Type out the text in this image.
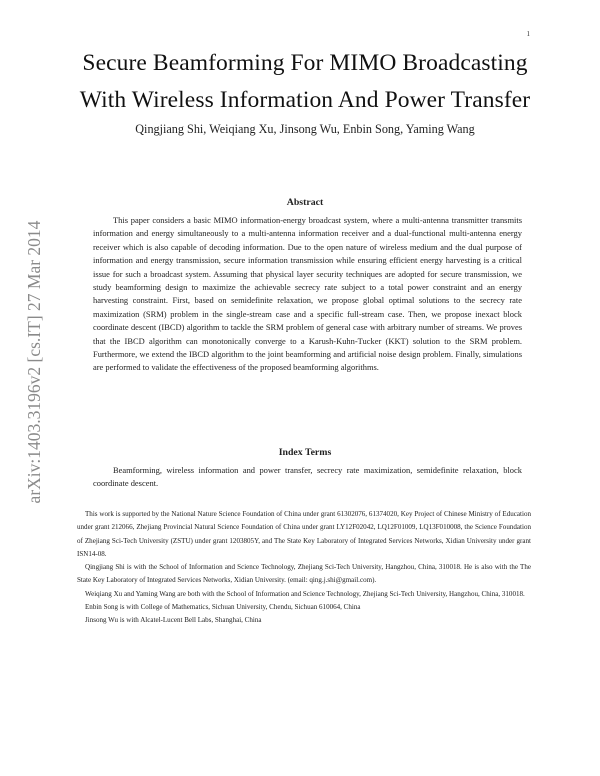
1
arXiv:1403.3196v2 [cs.IT] 27 Mar 2014
Secure Beamforming For MIMO Broadcasting
With Wireless Information And Power Transfer
Qingjiang Shi, Weiqiang Xu, Jinsong Wu, Enbin Song, Yaming Wang
Abstract

This paper considers a basic MIMO information-energy broadcast system, where a multi-antenna transmitter transmits information and energy simultaneously to a multi-antenna information receiver and a dual-functional multi-antenna energy receiver which is also capable of decoding information. Due to the open nature of wireless medium and the dual purpose of information and energy transmission, secure information transmission while ensuring efficient energy harvesting is a critical issue for such a broadcast system. Assuming that physical layer security techniques are adopted for secure transmission, we study beamforming design to maximize the achievable secrecy rate subject to a total power constraint and an energy harvesting constraint. First, based on semidefinite relaxation, we propose global optimal solutions to the secrecy rate maximization (SRM) problem in the single-stream case and a specific full-stream case. Then, we propose inexact block coordinate descent (IBCD) algorithm to tackle the SRM problem of general case with arbitrary number of streams. We proves that the IBCD algorithm can monotonically converge to a Karush-Kuhn-Tucker (KKT) solution to the SRM problem. Furthermore, we extend the IBCD algorithm to the joint beamforming and artificial noise design problem. Finally, simulations are performed to validate the effectiveness of the proposed beamforming algorithms.

Index Terms

Beamforming, wireless information and power transfer, secrecy rate maximization, semidefinite relaxation, block coordinate descent.

This work is supported by the National Nature Science Foundation of China under grant 61302076, 61374020, Key Project of Chinese Ministry of Education under grant 212066, Zhejiang Provincial Natural Science Foundation of China under grant LY12F02042, LQ12F01009, LQ13F010008, the Science Foundation of Zhejiang Sci-Tech University (ZSTU) under grant 1203805Y, and The State Key Laboratory of Integrated Services Networks, Xidian University under grant ISN14-08.

Qingjiang Shi is with the School of Information and Science Technology, Zhejiang Sci-Tech University, Hangzhou, China, 310018. He is also with the The State Key Laboratory of Integrated Services Networks, Xidian University. (email: qing.j.shi@gmail.com).

Weiqiang Xu and Yaming Wang are both with the School of Information and Science Technology, Zhejiang Sci-Tech University, Hangzhou, China, 310018.

Enbin Song is with College of Mathematics, Sichuan University, Chendu, Sichuan 610064, China

Jinsong Wu is with Alcatel-Lucent Bell Labs, Shanghai, China
